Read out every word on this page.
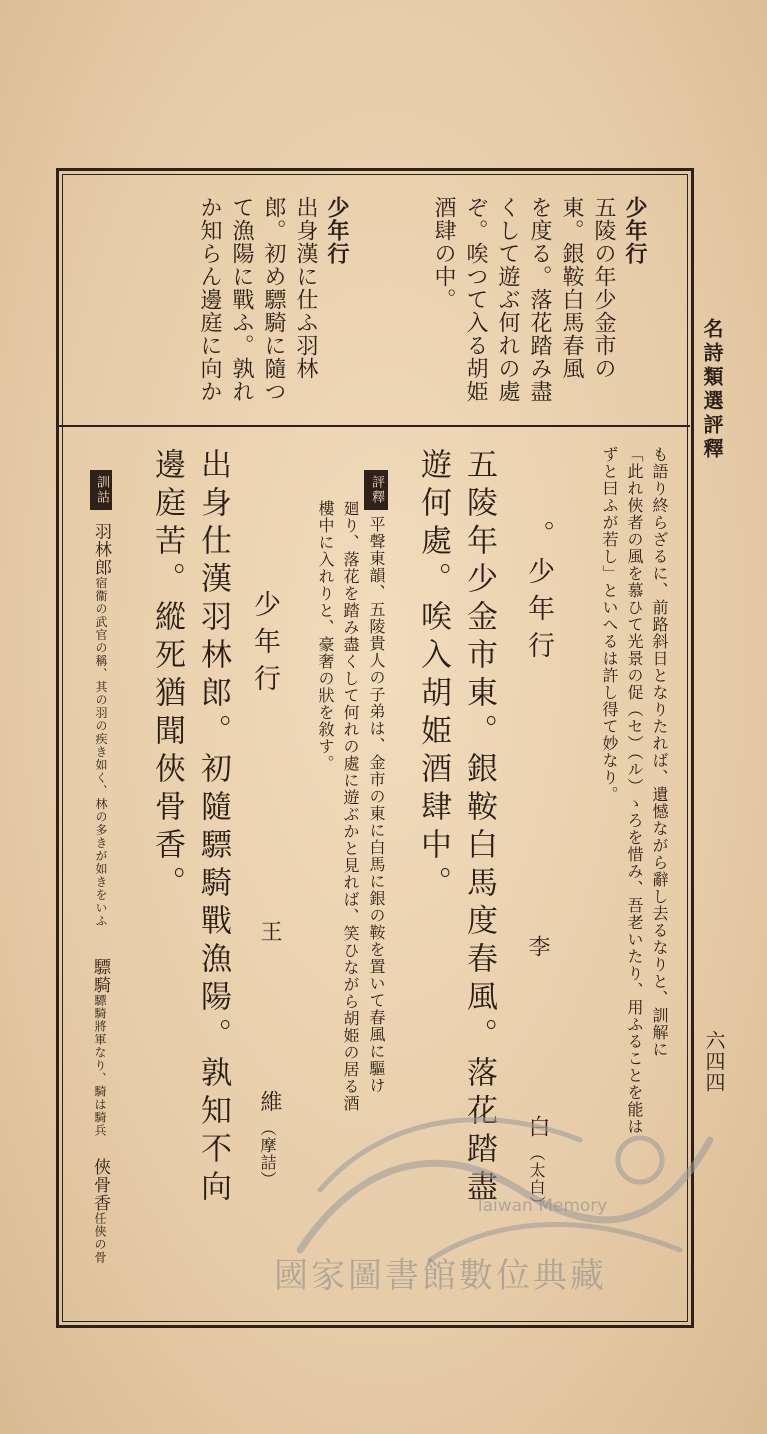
名詩類選評釋
六四四
少年行
五陵の年少金市の
東。銀鞍白馬春風
を度る。落花踏み盡
くして遊ぶ何れの處
ぞ。唉つて入る胡姫
酒肆の中。
少年行
出身漢に仕ふ羽林
郎。初め驃騎に隨つ
て漁陽に戰ふ。孰れ
か知らん邊庭に向か
も語り終らざるに、前路斜日となりたれば、遺憾ながら辭し去るなりと、訓解に
「此れ俠者の風を慕ひて光景の促（セ）（ル）ゝろを惜み、吾老いたり、用ふることを能は
ずと曰ふが若し」といへるは許し得て妙なり。
。少年行
李
白
（太白）
五陵年少金市東。銀鞍白馬度春風。落花踏盡
遊何處。唉入胡姫酒肆中。
評釋平聲東韻、五陵貴人の子弟は、金市の東に白馬に銀の鞍を置いて春風に驅け
廻り、落花を踏み盡くして何れの處に遊ぶかと見れば、笑ひながら胡姫の居る酒
樓中に入れりと、豪奢の狀を敘す。
少年行
王
維
（摩詰）
出身仕漢羽林郎。初隨驃騎戰漁陽。孰知不向
邊庭苦。縱死猶聞俠骨香。
訓詁 羽林郎宿衞の武官の稱、其の羽の疾き如く、林の多きが如きをいふ
驃騎驃騎將軍なり、騎は騎兵
俠骨香任俠の骨
Taiwan Memory
國家圖書館數位典藏
